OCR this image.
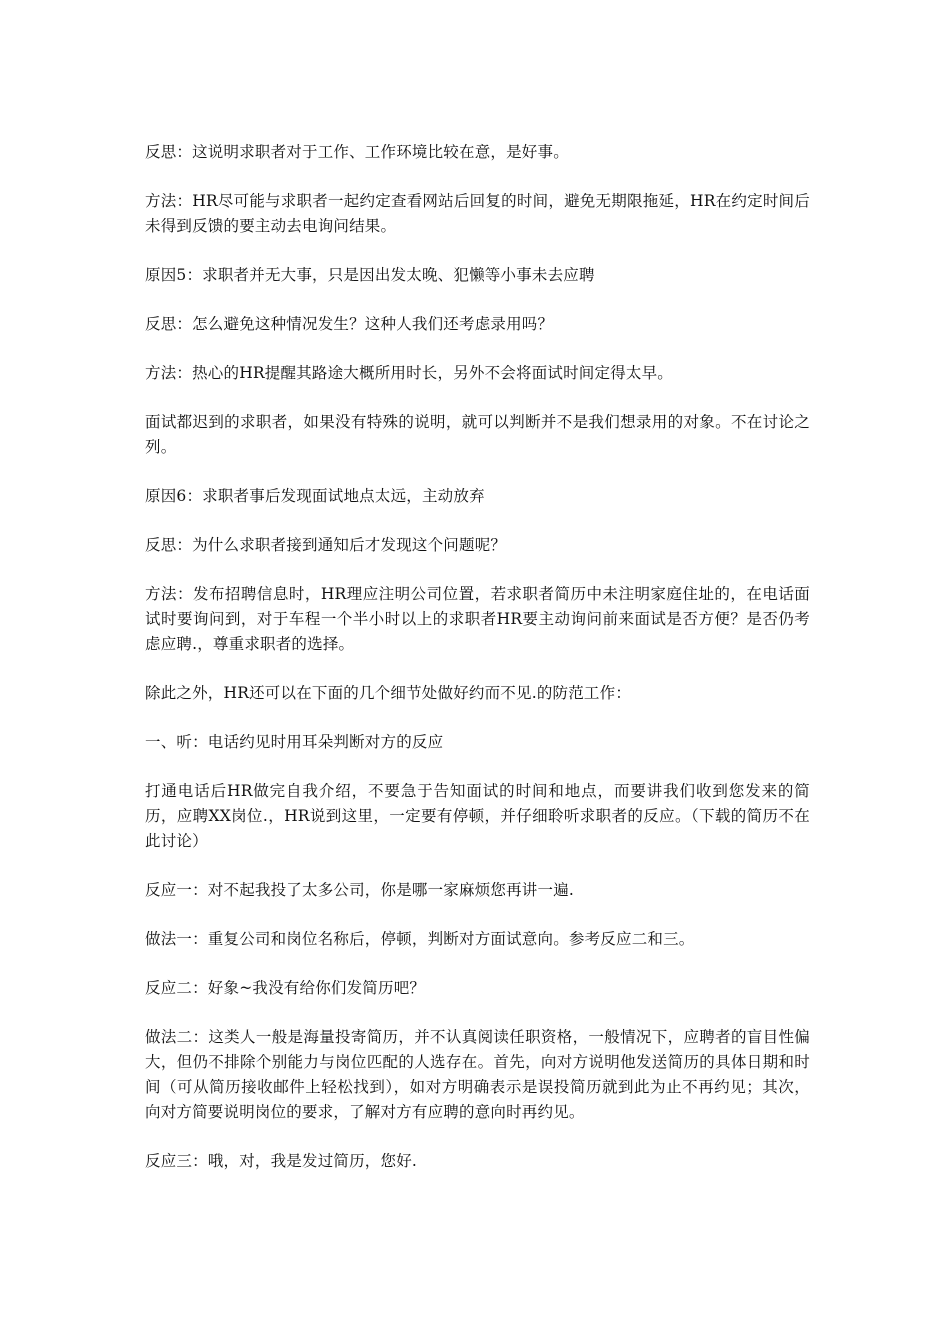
反思：这说明求职者对于工作、工作环境比较在意，是好事。

方法：HR尽可能与求职者一起约定查看网站后回复的时间，避免无期限拖延，HR在约定时间后未得到反馈的要主动去电询问结果。

原因5：求职者并无大事，只是因出发太晚、犯懒等小事未去应聘

反思：怎么避免这种情况发生？这种人我们还考虑录用吗？

方法：热心的HR提醒其路途大概所用时长，另外不会将面试时间定得太早。

面试都迟到的求职者，如果没有特殊的说明，就可以判断并不是我们想录用的对象。不在讨论之列。

原因6：求职者事后发现面试地点太远，主动放弃

反思：为什么求职者接到通知后才发现这个问题呢？

方法：发布招聘信息时，HR理应注明公司位置，若求职者简历中未注明家庭住址的，在电话面试时要询问到，对于车程一个半小时以上的求职者HR要主动询问前来面试是否方便？是否仍考虑应聘.，尊重求职者的选择。

除此之外，HR还可以在下面的几个细节处做好约而不见.的防范工作：

一、听：电话约见时用耳朵判断对方的反应

打通电话后HR做完自我介绍，不要急于告知面试的时间和地点，而要讲我们收到您发来的简历，应聘XX岗位.，HR说到这里，一定要有停顿，并仔细聆听求职者的反应。（下载的简历不在此讨论）

反应一：对不起我投了太多公司，你是哪一家麻烦您再讲一遍.

做法一：重复公司和岗位名称后，停顿，判断对方面试意向。参考反应二和三。

反应二：好象~我没有给你们发简历吧？

做法二：这类人一般是海量投寄简历，并不认真阅读任职资格，一般情况下，应聘者的盲目性偏大，但仍不排除个别能力与岗位匹配的人选存在。首先，向对方说明他发送简历的具体日期和时间（可从简历接收邮件上轻松找到），如对方明确表示是误投简历就到此为止不再约见；其次，向对方简要说明岗位的要求，了解对方有应聘的意向时再约见。

反应三：哦，对，我是发过简历，您好.
